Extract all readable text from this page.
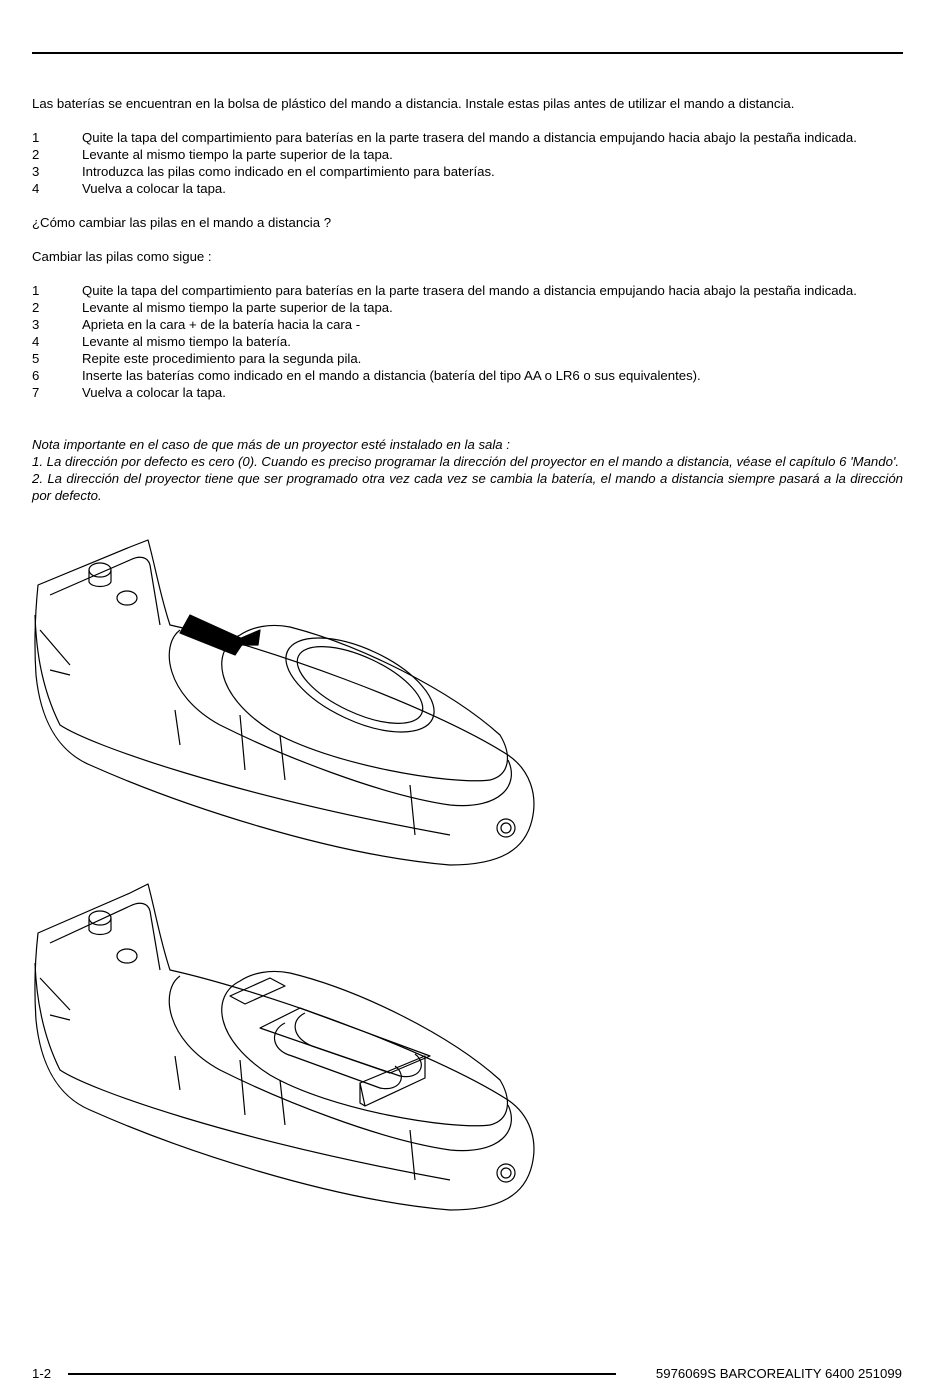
Las baterías se encuentran en la bolsa de plástico del mando a distancia. Instale estas pilas antes de utilizar el mando a distancia.

1	Quite la tapa del compartimiento para baterías en la parte trasera del mando a distancia empujando hacia abajo la pestaña indicada.
2	Levante al mismo tiempo la parte superior de la tapa.
3	Introduzca las pilas como indicado en el compartimiento para baterías.
4	Vuelva a colocar la tapa.

¿Cómo cambiar las pilas en el mando a distancia ?

Cambiar las pilas como sigue :

1	Quite la tapa del compartimiento para baterías en la parte trasera del mando a distancia empujando hacia abajo la pestaña indicada.
2	Levante al mismo tiempo la parte superior de la tapa.
3	Aprieta en la cara + de la batería hacia la cara -
4	Levante al mismo tiempo la batería.
5	Repite este procedimiento para la segunda pila.
6	Inserte las baterías como indicado en el mando a distancia (batería del tipo AA o LR6 o sus equivalentes).
7	Vuelva a colocar la tapa.

Nota importante en el caso de que más de un proyector esté instalado en la sala :

1. La dirección por defecto es cero (0). Cuando es preciso programar la dirección del proyector en el mando a distancia, véase el capítulo 6 'Mando'.

2. La dirección del proyector tiene que ser programado otra vez cada vez se cambia la batería, el mando a distancia siempre pasará a la dirección por defecto.

1-2	5976069S BARCOREALITY 6400 251099
